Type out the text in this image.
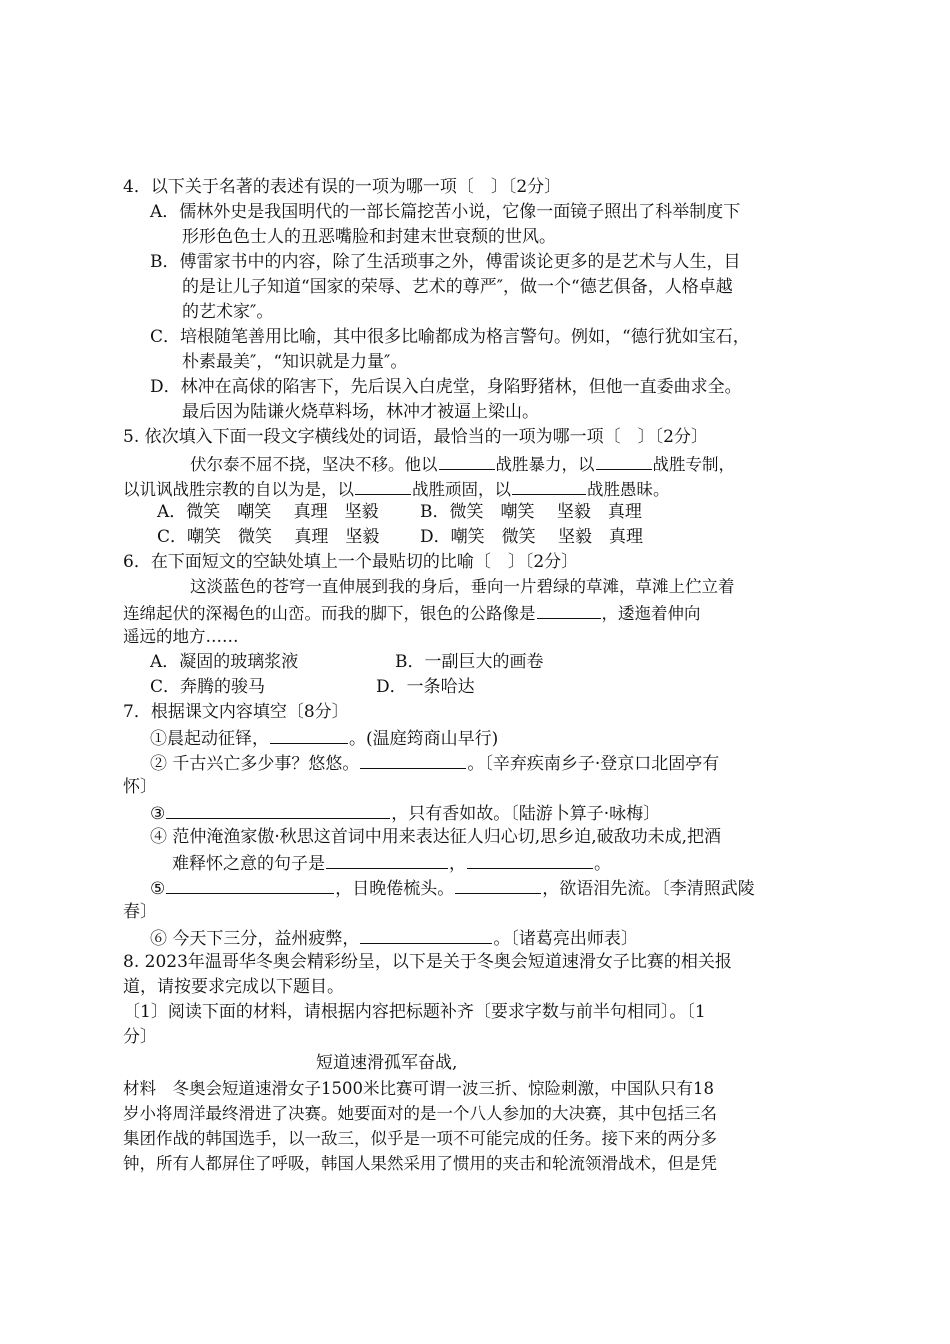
4．以下关于名著的表述有误的一项为哪一项〔　〕〔2分〕
A．儒林外史是我国明代的一部长篇挖苦小说，它像一面镜子照出了科举制度下
形形色色士人的丑恶嘴脸和封建末世衰颓的世风。
B．傅雷家书中的内容，除了生活琐事之外，傅雷谈论更多的是艺术与人生，目
的是让儿子知道“国家的荣辱、艺术的尊严″，做一个“德艺俱备，人格卓越
的艺术家″。
C．培根随笔善用比喻，其中很多比喻都成为格言警句。例如，“德行犹如宝石，
朴素最美″，“知识就是力量″。
D．林冲在高俅的陷害下，先后误入白虎堂，身陷野猪林，但他一直委曲求全。
最后因为陆谦火烧草料场，林冲才被逼上梁山。
5. 依次填入下面一段文字横线处的词语，最恰当的一项为哪一项〔　〕〔2分〕
伏尔泰不屈不挠，坚决不移。他以	战胜暴力，以	战胜专制，
以讥讽战胜宗教的自以为是，以	战胜顽固，以	战胜愚昧。
A．微笑　嘲笑　 真理　坚毅 B．微笑　嘲笑　 坚毅　真理
C．嘲笑　微笑　 真理　坚毅 D．嘲笑　微笑　 坚毅　真理
6．在下面短文的空缺处填上一个最贴切的比喻〔　〕〔2分〕
这淡蓝色的苍穹一直伸展到我的身后，垂向一片碧绿的草滩，草滩上伫立着
连绵起伏的深褐色的山峦。而我的脚下，银色的公路像是	，逶迤着伸向
遥远的地方……
A．凝固的玻璃浆液	B．一副巨大的画卷
C．奔腾的骏马	D．一条哈达
7．根据课文内容填空〔8分〕
①晨起动征铎，	。(温庭筠商山早行)
② 千古兴亡多少事？悠悠。	。〔辛弃疾南乡子·登京口北固亭有
怀〕
③	，只有香如故。〔陆游卜算子·咏梅〕
④ 范仲淹渔家傲·秋思这首词中用来表达征人归心切,思乡迫,破敌功未成,把酒
难释怀之意的句子是	，	。
⑤	，日晚倦梳头。	，欲语泪先流。〔李清照武陵
春〕
⑥ 今天下三分，益州疲弊，	。〔诸葛亮出师表〕
8. 2023年温哥华冬奥会精彩纷呈，以下是关于冬奥会短道速滑女子比赛的相关报
道，请按要求完成以下题目。
〔1〕阅读下面的材料，请根据内容把标题补齐〔要求字数与前半句相同〕。〔1
分〕
短道速滑孤军奋战,
材料　冬奥会短道速滑女子1500米比赛可谓一波三折、惊险刺激，中国队只有18
岁小将周洋最终滑进了决赛。她要面对的是一个八人参加的大决赛，其中包括三名
集团作战的韩国选手，以一敌三，似乎是一项不可能完成的任务。接下来的两分多
钟，所有人都屏住了呼吸，韩国人果然采用了惯用的夹击和轮流领滑战术，但是凭
